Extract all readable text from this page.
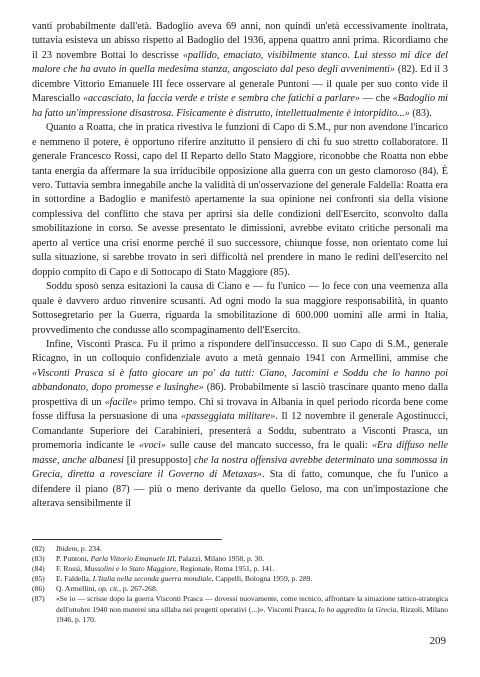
vanti probabilmente dall'età. Badoglio aveva 69 anni, non quindi un'età eccessivamente inoltrata, tuttavia esisteva un abisso rispetto al Badoglio del 1936, appena quattro anni prima. Ricordiamo che il 23 novembre Bottai lo descrisse «pallido, emaciato, visibilmente stanco. Lui stesso mi dice del malore che ha avuto in quella medesima stanza, angosciato dal peso degli avvenimenti» (82). Ed il 3 dicembre Vittorio Emanuele III fece osservare al generale Puntoni — il quale per suo conto vide il Maresciallo «accasciato, la faccia verde e triste e sembra che fatichi a parlare» — che «Badoglio mi ha fatto un'impressione disastrosa. Fisicamente è distrutto, intellettualmente è intorpidito...» (83).

Quanto a Roatta, che in pratica rivestiva le funzioni di Capo di S.M., pur non avendone l'incarico e nemmeno il potere, è opportuno riferire anzitutto il pensiero di chi fu suo stretto collaboratore. Il generale Francesco Rossi, capo del II Reparto dello Stato Maggiore, riconobbe che Roatta non ebbe tanta energia da affermare la sua irriducibile opposizione alla guerra con un gesto clamoroso (84). È vero. Tuttavia sembra innegabile anche la validità di un'osservazione del generale Faldella: Roatta era in sottordine a Badoglio e manifestò apertamente la sua opinione nei confronti sia della visione complessiva del conflitto che stava per aprirsi sia delle condizioni dell'Esercito, sconvolto dalla smobilitazione in corso. Se avesse presentato le dimissioni, avrebbe evitato critiche personali ma aperto al vertice una crisi enorme perché il suo successore, chiunque fosse, non orientato come lui sulla situazione, si sarebbe trovato in seri difficoltà nel prendere in mano le redini dell'esercito nel doppio compito di Capo e di Sottocapo di Stato Maggiore (85).

Soddu sposò senza esitazioni la causa di Ciano e — fu l'unico — lo fece con una veemenza alla quale è davvero arduo rinvenire scusanti. Ad ogni modo la sua maggiore responsabilità, in quanto Sottosegretario per la Guerra, riguarda la smobilitazione di 600.000 uomini alle armi in Italia, provvedimento che condusse allo scompaginamento dell'Esercito.

Infine, Visconti Prasca. Fu il primo a rispondere dell'insuccesso. Il suo Capo di S.M., generale Ricagno, in un colloquio confidenziale avuto a metà gennaio 1941 con Armellini, ammise che «Visconti Prasca si è fatto giocare un po' da tutti: Ciano, Jacomini e Soddu che lo hanno poi abbandonato, dopo promesse e lusinghe» (86). Probabilmente si lasciò trascinare quanto meno dalla prospettiva di un «facile» primo tempo. Chi si trovava in Albania in quel periodo ricorda bene come fosse diffusa la persuasione di una «passeggiata militare». Il 12 novembre il generale Agostinucci, Comandante Superiore dei Carabinieri, presenterà a Soddu, subentrato a Visconti Prasca, un promemoria indicante le «voci» sulle cause del mancato successo, fra le quali: «Era diffuso nelle masse, anche albanesi [il presupposto] che la nostra offensiva avrebbe determinato una sommossa in Grecia, diretta a rovesciare il Governo di Metaxas». Sta di fatto, comunque, che fu l'unico a difendere il piano (87) — più o meno derivante da quello Geloso, ma con un'impostazione che alterava sensibilmente il

(82)	Ibidem, p. 234.
(83)	P. Puntoni, Parla Vittorio Emanuele III, Palazzi, Milano 1958, p. 30.
(84)	F. Rossi, Mussolini e lo Stato Maggiore, Regionale, Roma 1951, p. 141.
(85)	E. Faldella, L'Italia nella seconda guerra mondiale, Cappelli, Bologna 1959, p. 289.
(86)	Q. Armellini, op. cit., p. 267-268.
(87)	«Se io — scrisse dopo la guerra Visconti Prasca — dovessi nuovamente, come tecnico, affrontare la situazione tattico-strategica dell'ottobre 1940 non muterei una sillaba nei progetti operativi (...)». Visconti Prasca, Io ho aggredito la Grecia, Rizzoli, Milano 1946, p. 170.
209
